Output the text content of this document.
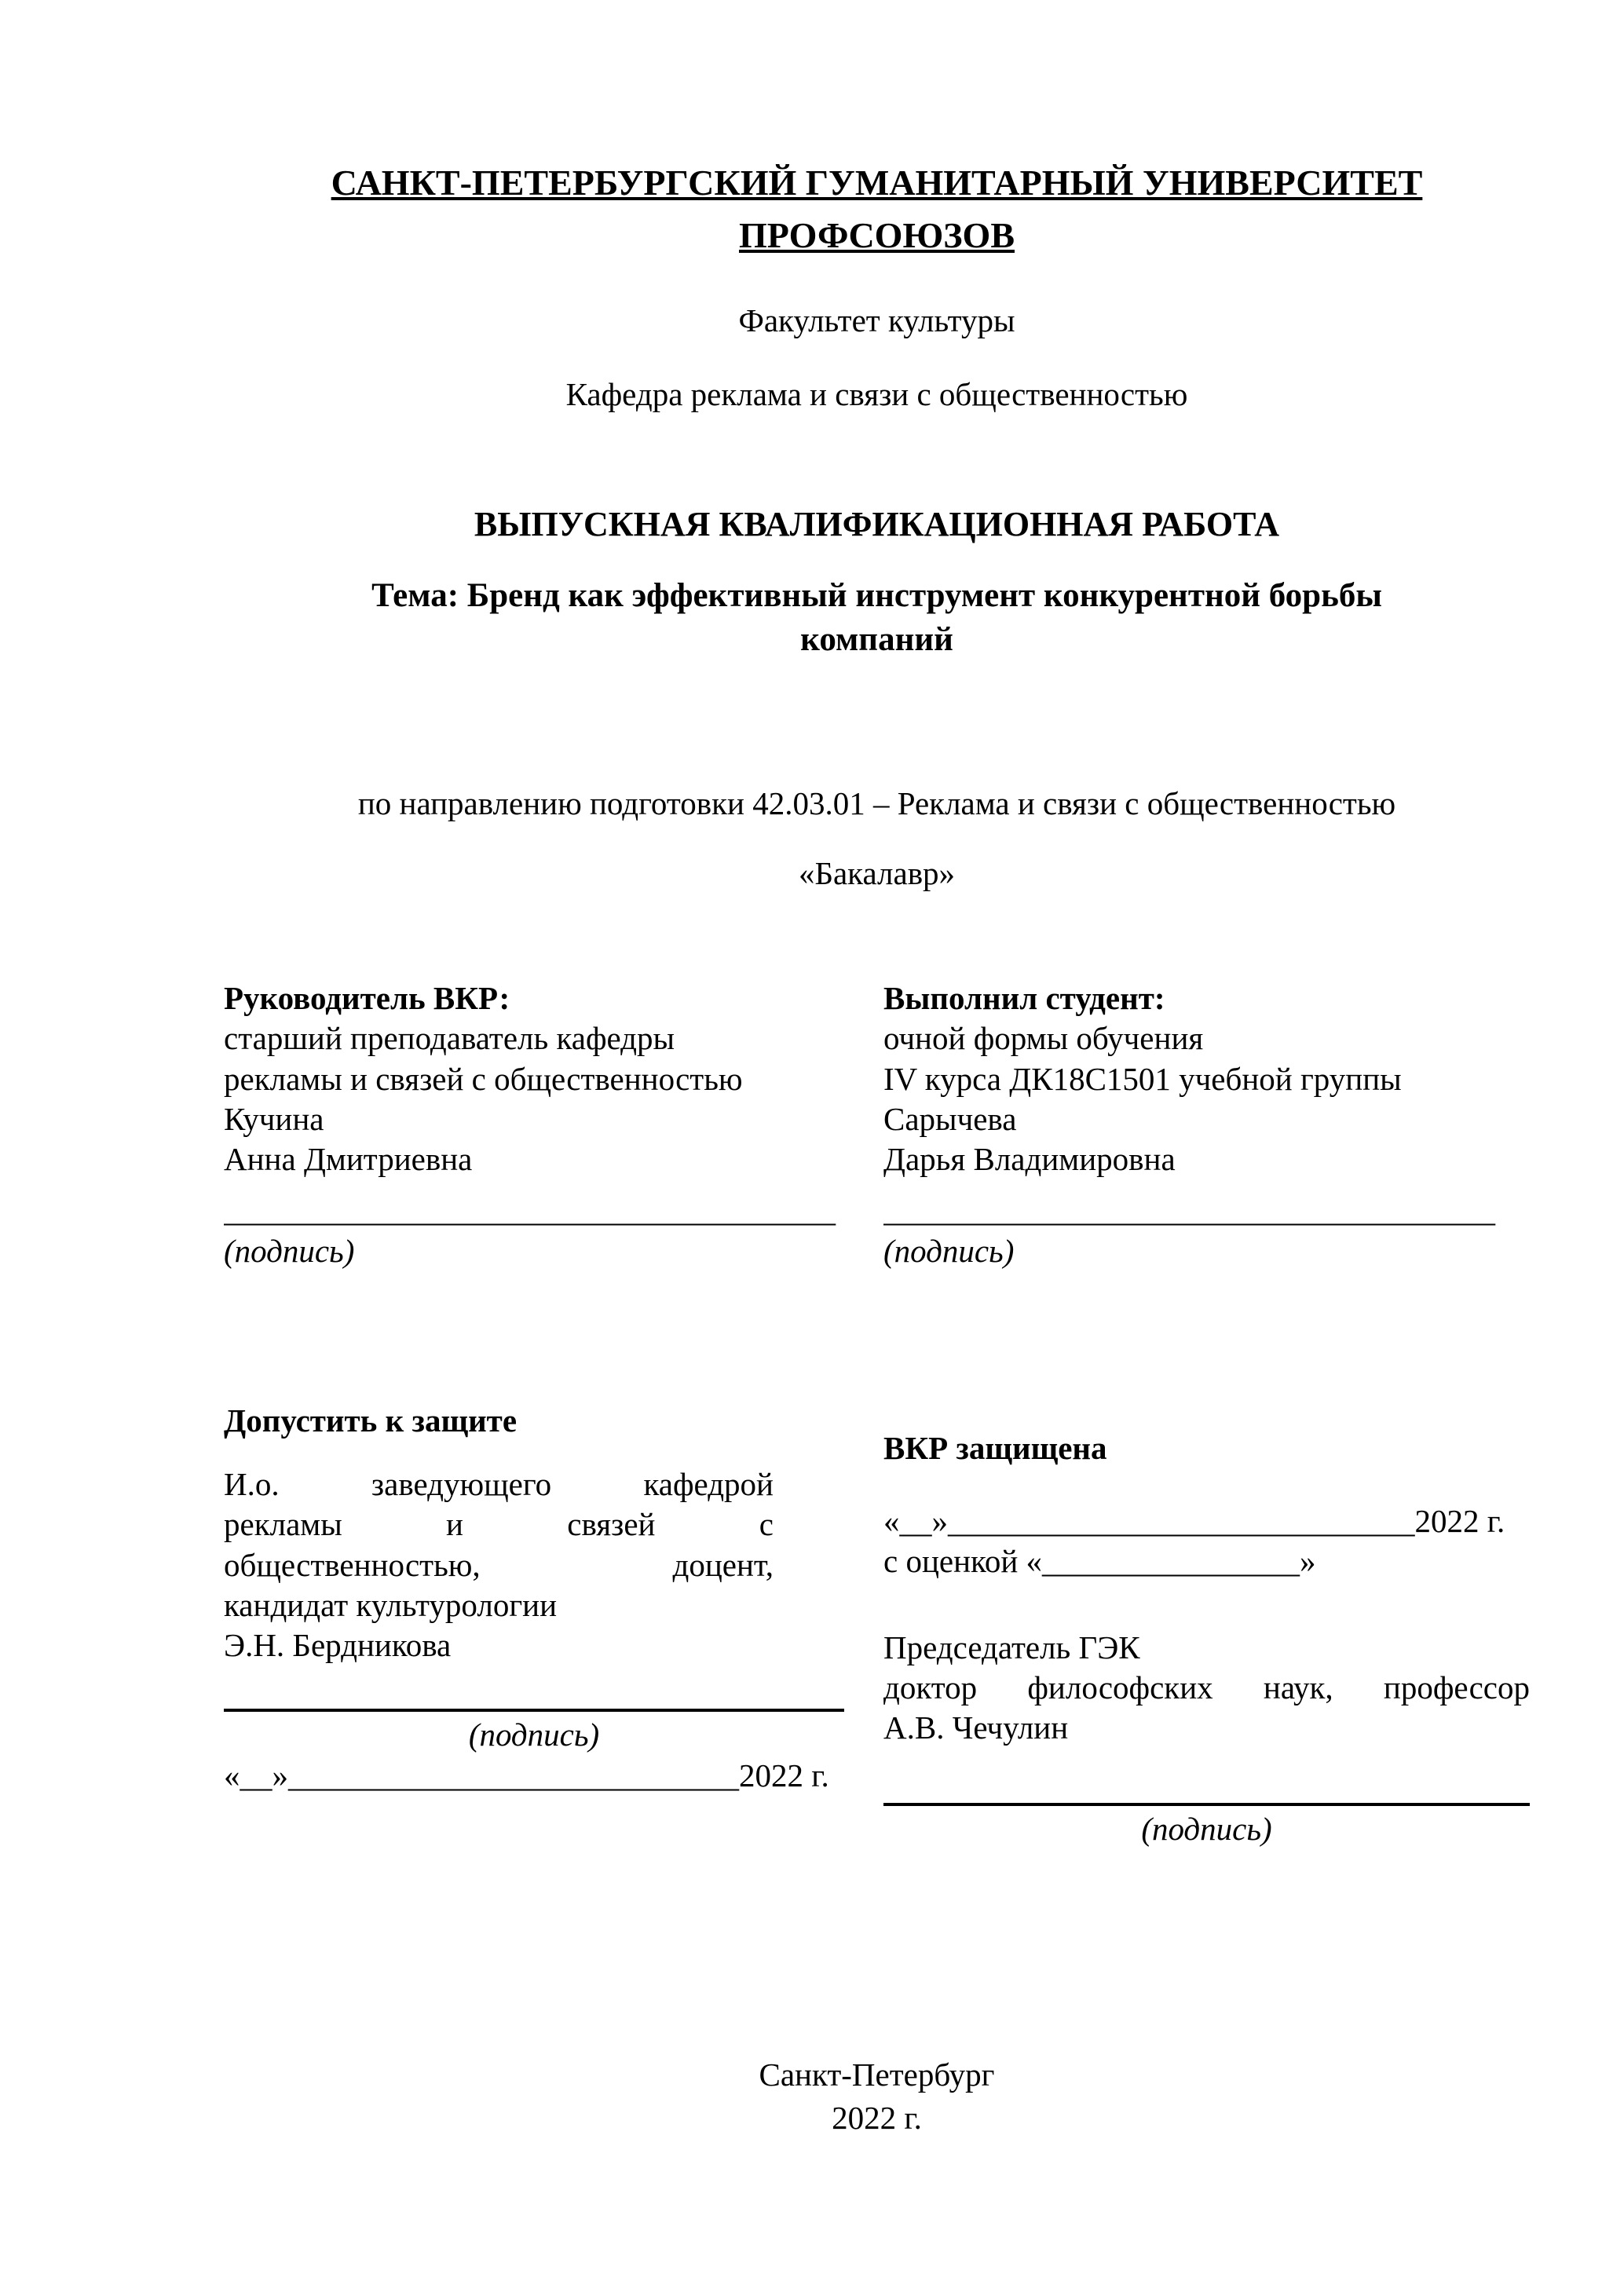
САНКТ-ПЕТЕРБУРГСКИЙ ГУМАНИТАРНЫЙ УНИВЕРСИТЕТ
ПРОФСОЮЗОВ
Факультет культуры
Кафедра реклама и связи с общественностью
ВЫПУСКНАЯ КВАЛИФИКАЦИОННАЯ РАБОТА
Тема: Бренд как эффективный инструмент конкурентной борьбы
компаний
по направлению подготовки 42.03.01 – Реклама и связи с общественностью
«Бакалавр»
Руководитель ВКР:
старший преподаватель кафедры
рекламы и связей с общественностью
Кучина
Анна Дмитриевна
______________________________________
(подпись)
Выполнил студент:
очной формы обучения
IV курса ДК18С1501 учебной группы
Сарычева
Дарья Владимировна
______________________________________
(подпись)
Допустить к защите
И.о. заведующего кафедрой
рекламы и связей с
общественностью, доцент,
кандидат культурологии
Э.Н. Бердникова
(подпись)
«__»____________________________2022 г.
ВКР защищена
«__»_____________________________2022 г.
с оценкой «________________»
Председатель ГЭК
доктор философских наук, профессор
А.В. Чечулин
(подпись)
Санкт-Петербург
2022 г.
